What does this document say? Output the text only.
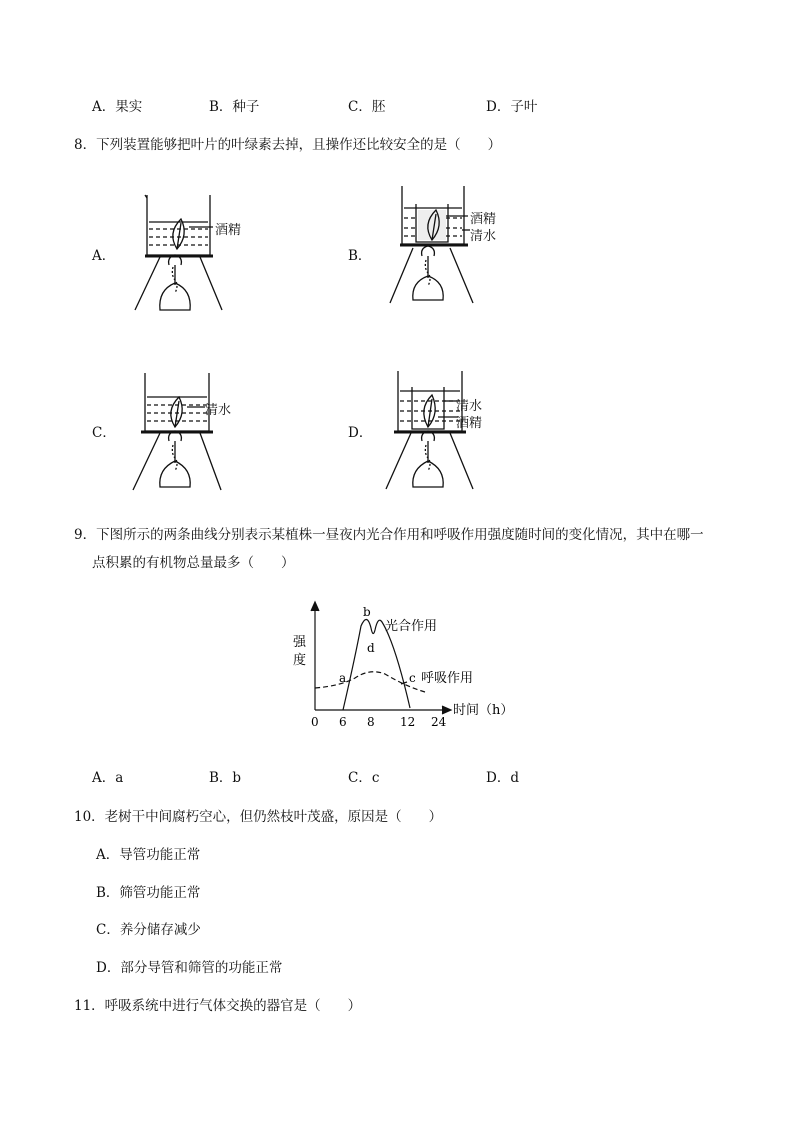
A．果实	B．种子	C．胚	D．子叶
8．下列装置能够把叶片的叶绿素去掉，且操作还比较安全的是（　　）
A．	B．
C．	D．
酒精
酒精
清水
清水	清水
酒精
9．下图所示的两条曲线分别表示某植株一昼夜内光合作用和呼吸作用强度随时间的变化情况，其中在哪一
点积累的有机物总量最多（　　）
强
度
a
b
d
c
光合作用
呼吸作用
时间（h）
0 6 8 12 24
A．a	B．b	C．c	D．d
10．老树干中间腐朽空心，但仍然枝叶茂盛，原因是（　　）
A．导管功能正常
B．筛管功能正常
C．养分储存减少
D．部分导管和筛管的功能正常
11．呼吸系统中进行气体交换的器官是（　　）
